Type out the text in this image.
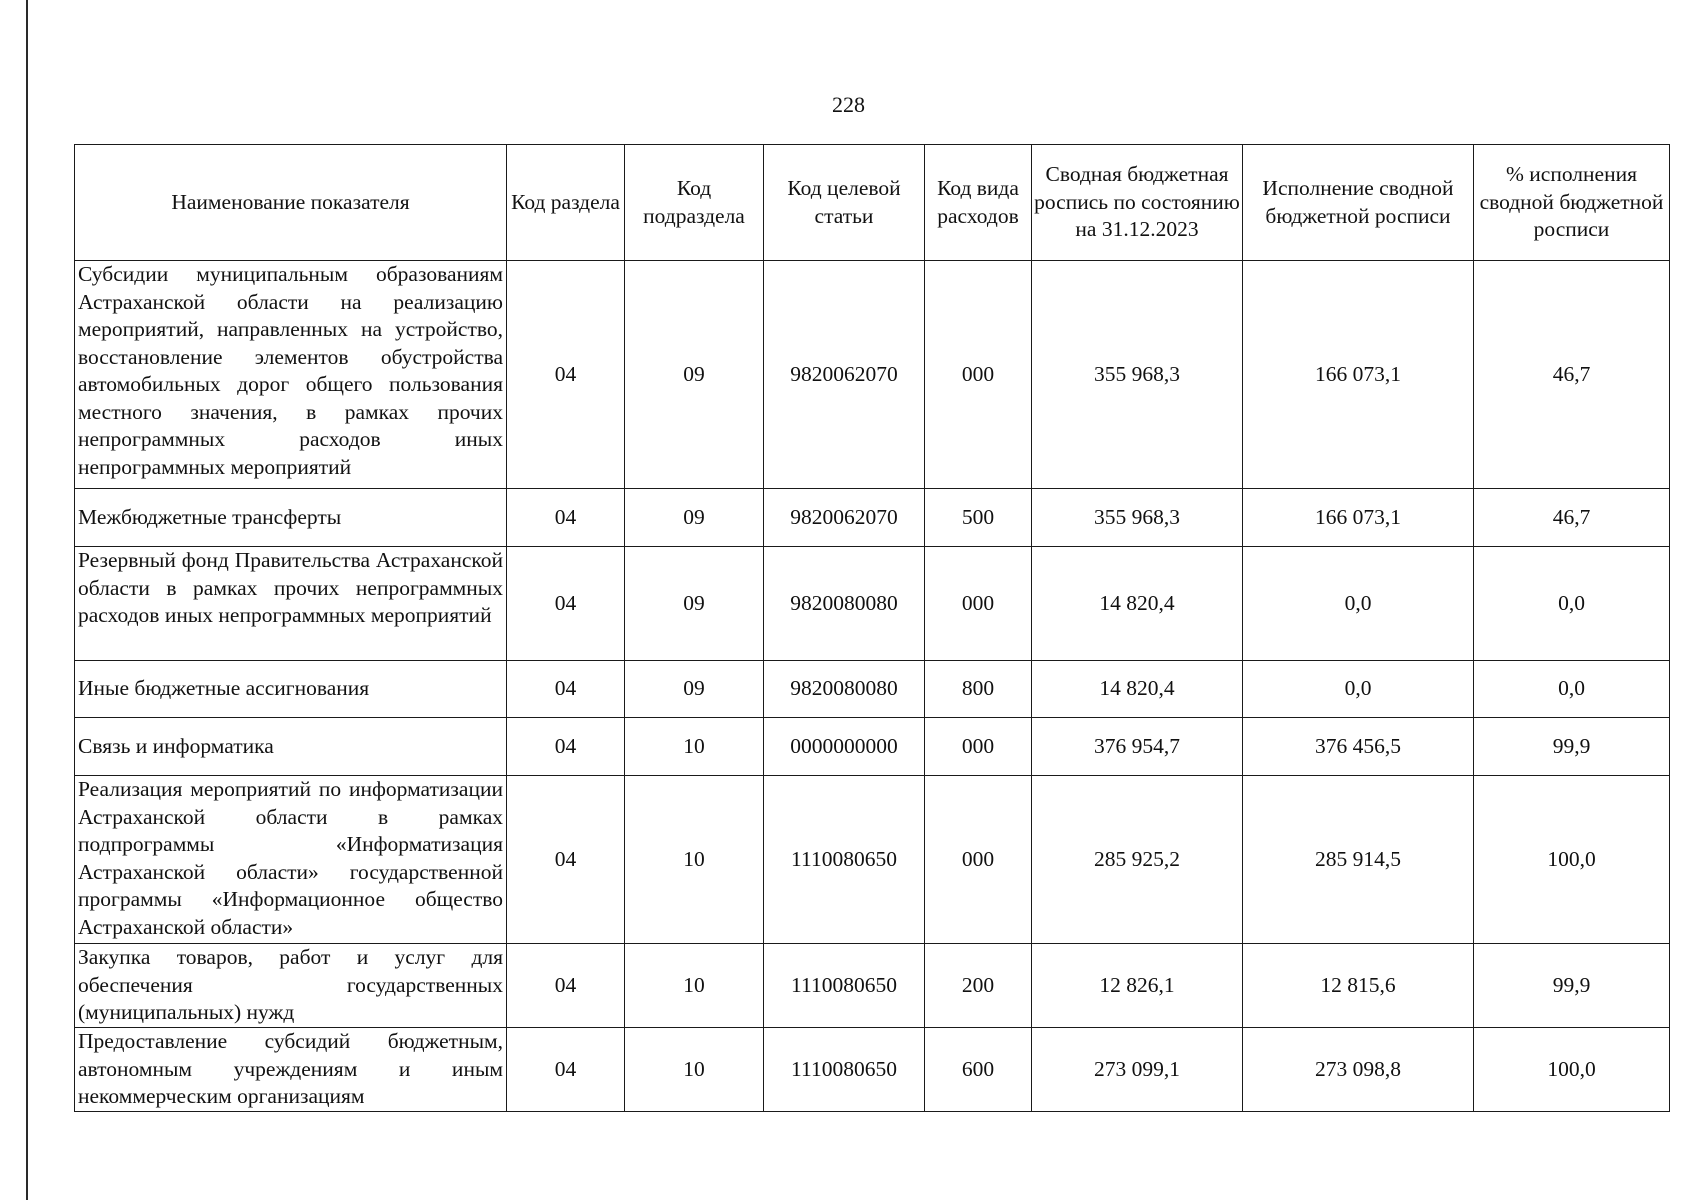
228
Наименование показателя	Код раздела	Код подраздела	Код целевой статьи	Код вида расходов	Сводная бюджетная роспись по состоянию на 31.12.2023	Исполнение сводной бюджетной росписи	% исполнения сводной бюджетной росписи
Субсидии муниципальным образованиям Астраханской области на реализацию мероприятий, направленных на устройство, восстановление элементов обустройства автомобильных дорог общего пользования местного значения, в рамках прочих непрограммных расходов иных непрограммных мероприятий	04	09	9820062070	000	355 968,3	166 073,1	46,7
Межбюджетные трансферты	04	09	9820062070	500	355 968,3	166 073,1	46,7
Резервный фонд Правительства Астраханской области в рамках прочих непрограммных расходов иных непрограммных мероприятий	04	09	9820080080	000	14 820,4	0,0	0,0
Иные бюджетные ассигнования	04	09	9820080080	800	14 820,4	0,0	0,0
Связь и информатика	04	10	0000000000	000	376 954,7	376 456,5	99,9
Реализация мероприятий по информатизации Астраханской области в рамках подпрограммы «Информатизация Астраханской области» государственной программы «Информационное общество Астраханской области»	04	10	1110080650	000	285 925,2	285 914,5	100,0
Закупка товаров, работ и услуг для обеспечения государственных (муниципальных) нужд	04	10	1110080650	200	12 826,1	12 815,6	99,9
Предоставление субсидий бюджетным, автономным учреждениям и иным некоммерческим организациям	04	10	1110080650	600	273 099,1	273 098,8	100,0
